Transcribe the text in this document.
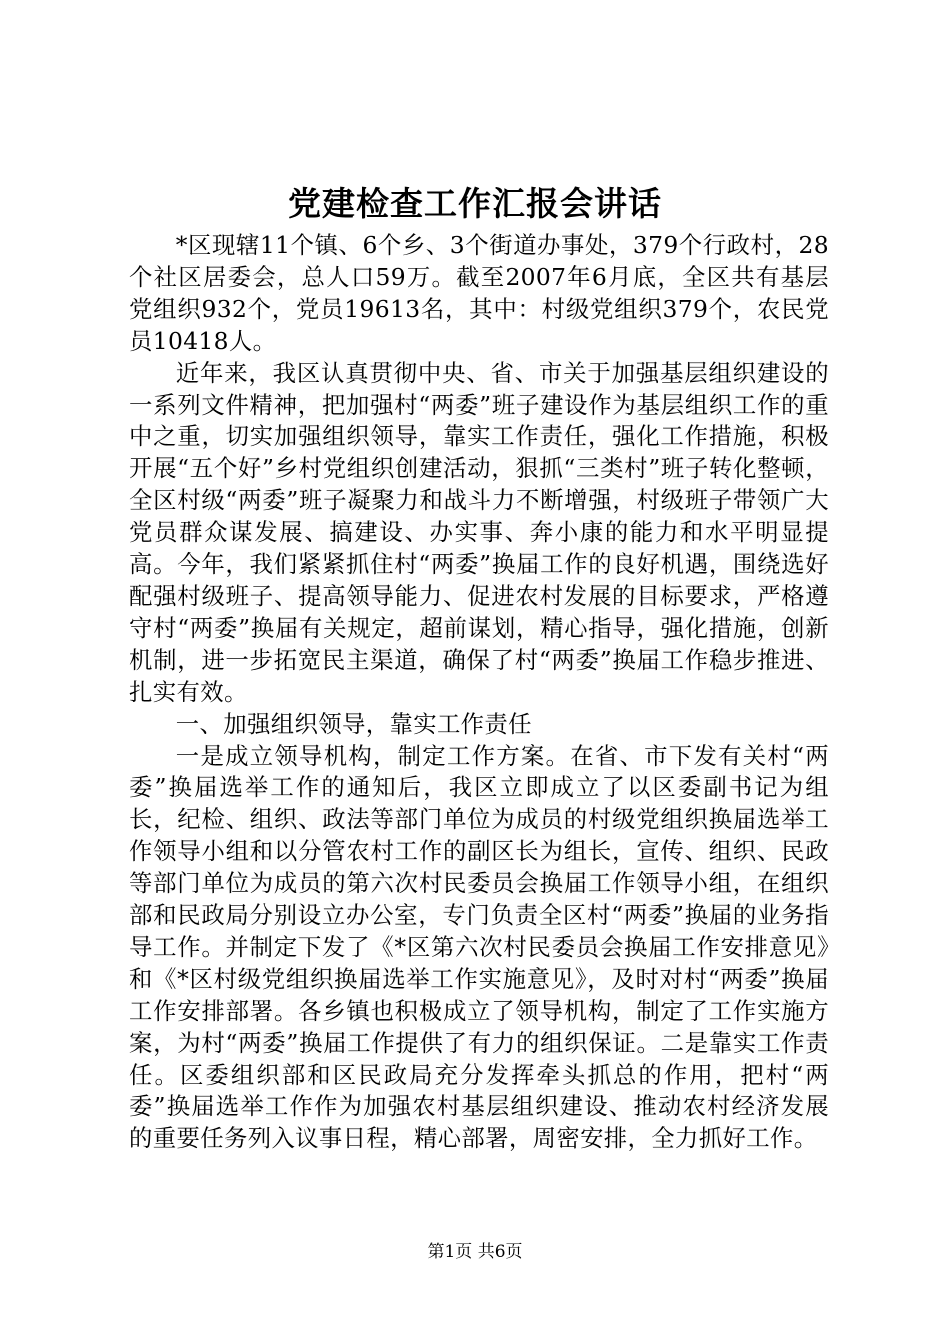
党建检查工作汇报会讲话

*区现辖11个镇、6个乡、3个街道办事处，379个行政村，28个社区居委会，总人口59万。截至2007年6月底，全区共有基层党组织932个，党员19613名，其中：村级党组织379个，农民党员10418人。

近年来，我区认真贯彻中央、省、市关于加强基层组织建设的一系列文件精神，把加强村“两委”班子建设作为基层组织工作的重中之重，切实加强组织领导，靠实工作责任，强化工作措施，积极开展“五个好”乡村党组织创建活动，狠抓“三类村”班子转化整顿，全区村级“两委”班子凝聚力和战斗力不断增强，村级班子带领广大党员群众谋发展、搞建设、办实事、奔小康的能力和水平明显提高。今年，我们紧紧抓住村“两委”换届工作的良好机遇，围绕选好配强村级班子、提高领导能力、促进农村发展的目标要求，严格遵守村“两委”换届有关规定，超前谋划，精心指导，强化措施，创新机制，进一步拓宽民主渠道，确保了村“两委”换届工作稳步推进、扎实有效。

一、加强组织领导，靠实工作责任

一是成立领导机构，制定工作方案。在省、市下发有关村“两委”换届选举工作的通知后，我区立即成立了以区委副书记为组长，纪检、组织、政法等部门单位为成员的村级党组织换届选举工作领导小组和以分管农村工作的副区长为组长，宣传、组织、民政等部门单位为成员的第六次村民委员会换届工作领导小组，在组织部和民政局分别设立办公室，专门负责全区村“两委”换届的业务指导工作。并制定下发了《*区第六次村民委员会换届工作安排意见》和《*区村级党组织换届选举工作实施意见》，及时对村“两委”换届工作安排部署。各乡镇也积极成立了领导机构，制定了工作实施方案，为村“两委”换届工作提供了有力的组织保证。二是靠实工作责任。区委组织部和区民政局充分发挥牵头抓总的作用，把村“两委”换届选举工作作为加强农村基层组织建设、推动农村经济发展的重要任务列入议事日程，精心部署，周密安排，全力抓好工作。

第1页 共6页
